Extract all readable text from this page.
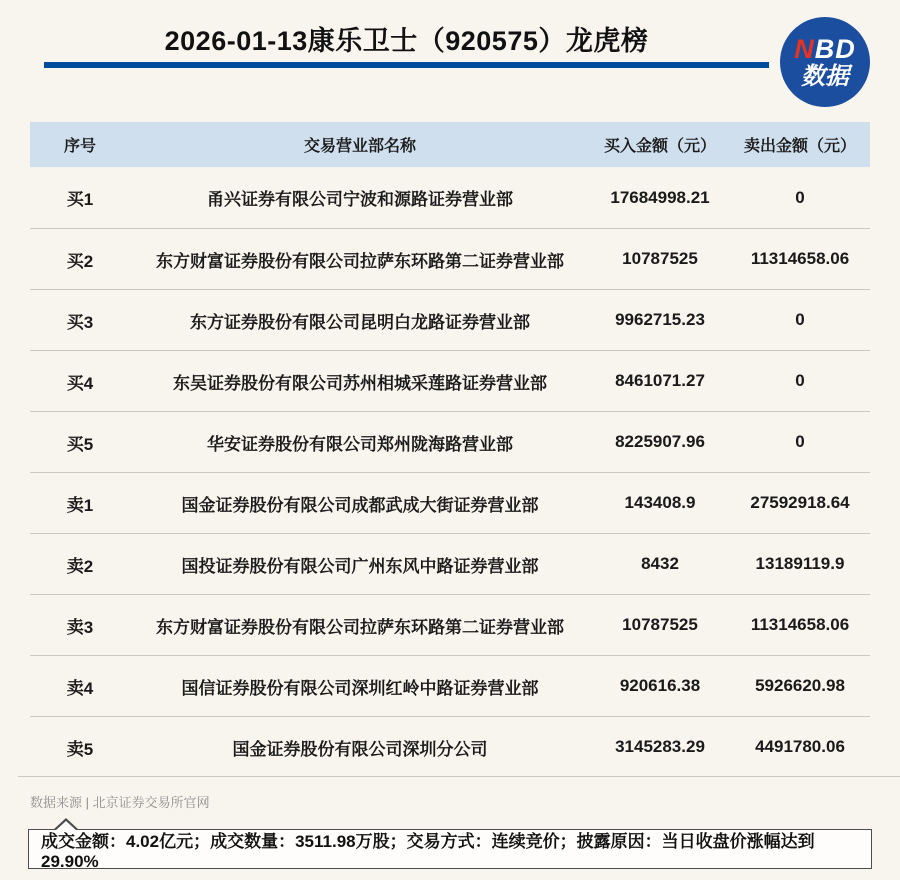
2026-01-13康乐卫士（920575）龙虎榜	NBD
数据
序号	交易营业部名称	买入金额（元）	卖出金额（元）
买1	甬兴证券有限公司宁波和源路证券营业部	17684998.21	0
买2	东方财富证券股份有限公司拉萨东环路第二证券营业部	10787525	11314658.06
买3	东方证券股份有限公司昆明白龙路证券营业部	9962715.23	0
买4	东吴证券股份有限公司苏州相城采莲路证券营业部	8461071.27	0
买5	华安证券股份有限公司郑州陇海路营业部	8225907.96	0
卖1	国金证券股份有限公司成都武成大街证券营业部	143408.9	27592918.64
卖2	国投证券股份有限公司广州东风中路证券营业部	8432	13189119.9
卖3	东方财富证券股份有限公司拉萨东环路第二证券营业部	10787525	11314658.06
卖4	国信证券股份有限公司深圳红岭中路证券营业部	920616.38	5926620.98
卖5	国金证券股份有限公司深圳分公司	3145283.29	4491780.06
数据来源 | 北京证券交易所官网
成交金额：4.02亿元；成交数量：3511.98万股；交易方式：连续竞价；披露原因：当日收盘价涨幅达到29.90%
